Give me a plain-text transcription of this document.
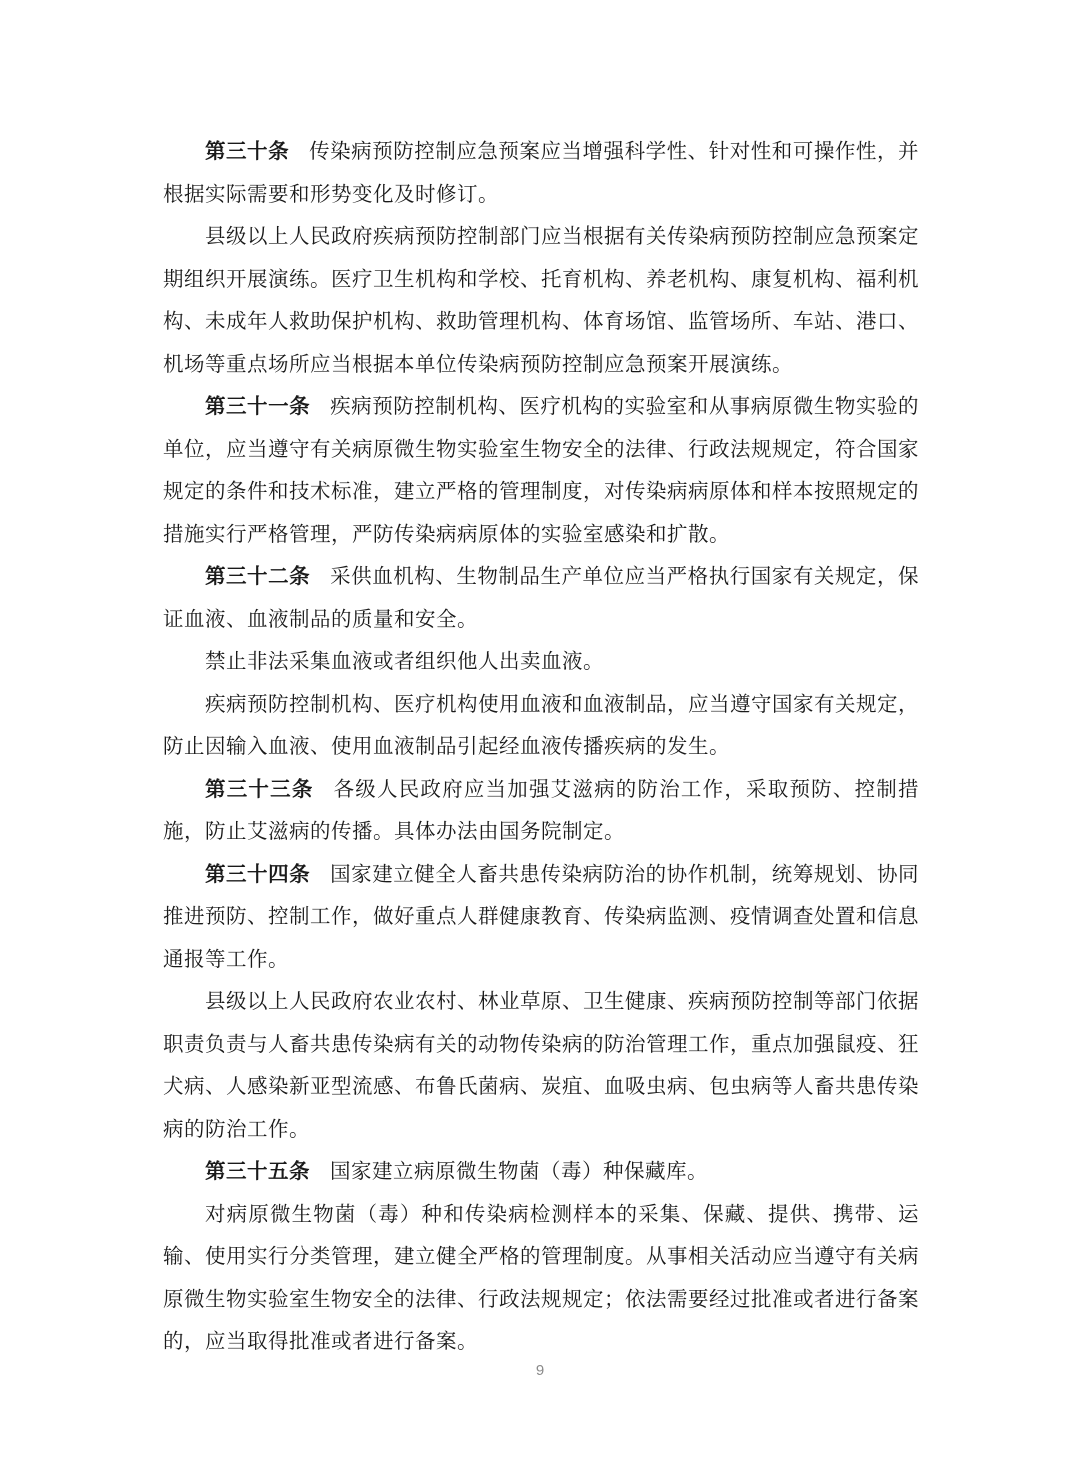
第三十条 传染病预防控制应急预案应当增强科学性、针对性和可操作性，并根据实际需要和形势变化及时修订。

县级以上人民政府疾病预防控制部门应当根据有关传染病预防控制应急预案定期组织开展演练。医疗卫生机构和学校、托育机构、养老机构、康复机构、福利机构、未成年人救助保护机构、救助管理机构、体育场馆、监管场所、车站、港口、机场等重点场所应当根据本单位传染病预防控制应急预案开展演练。

第三十一条 疾病预防控制机构、医疗机构的实验室和从事病原微生物实验的单位，应当遵守有关病原微生物实验室生物安全的法律、行政法规规定，符合国家规定的条件和技术标准，建立严格的管理制度，对传染病病原体和样本按照规定的措施实行严格管理，严防传染病病原体的实验室感染和扩散。

第三十二条 采供血机构、生物制品生产单位应当严格执行国家有关规定，保证血液、血液制品的质量和安全。

禁止非法采集血液或者组织他人出卖血液。

疾病预防控制机构、医疗机构使用血液和血液制品，应当遵守国家有关规定，防止因输入血液、使用血液制品引起经血液传播疾病的发生。

第三十三条 各级人民政府应当加强艾滋病的防治工作，采取预防、控制措施，防止艾滋病的传播。具体办法由国务院制定。

第三十四条 国家建立健全人畜共患传染病防治的协作机制，统筹规划、协同推进预防、控制工作，做好重点人群健康教育、传染病监测、疫情调查处置和信息通报等工作。

县级以上人民政府农业农村、林业草原、卫生健康、疾病预防控制等部门依据职责负责与人畜共患传染病有关的动物传染病的防治管理工作，重点加强鼠疫、狂犬病、人感染新亚型流感、布鲁氏菌病、炭疽、血吸虫病、包虫病等人畜共患传染病的防治工作。

第三十五条 国家建立病原微生物菌（毒）种保藏库。

对病原微生物菌（毒）种和传染病检测样本的采集、保藏、提供、携带、运输、使用实行分类管理，建立健全严格的管理制度。从事相关活动应当遵守有关病原微生物实验室生物安全的法律、行政法规规定；依法需要经过批准或者进行备案的，应当取得批准或者进行备案。

9
